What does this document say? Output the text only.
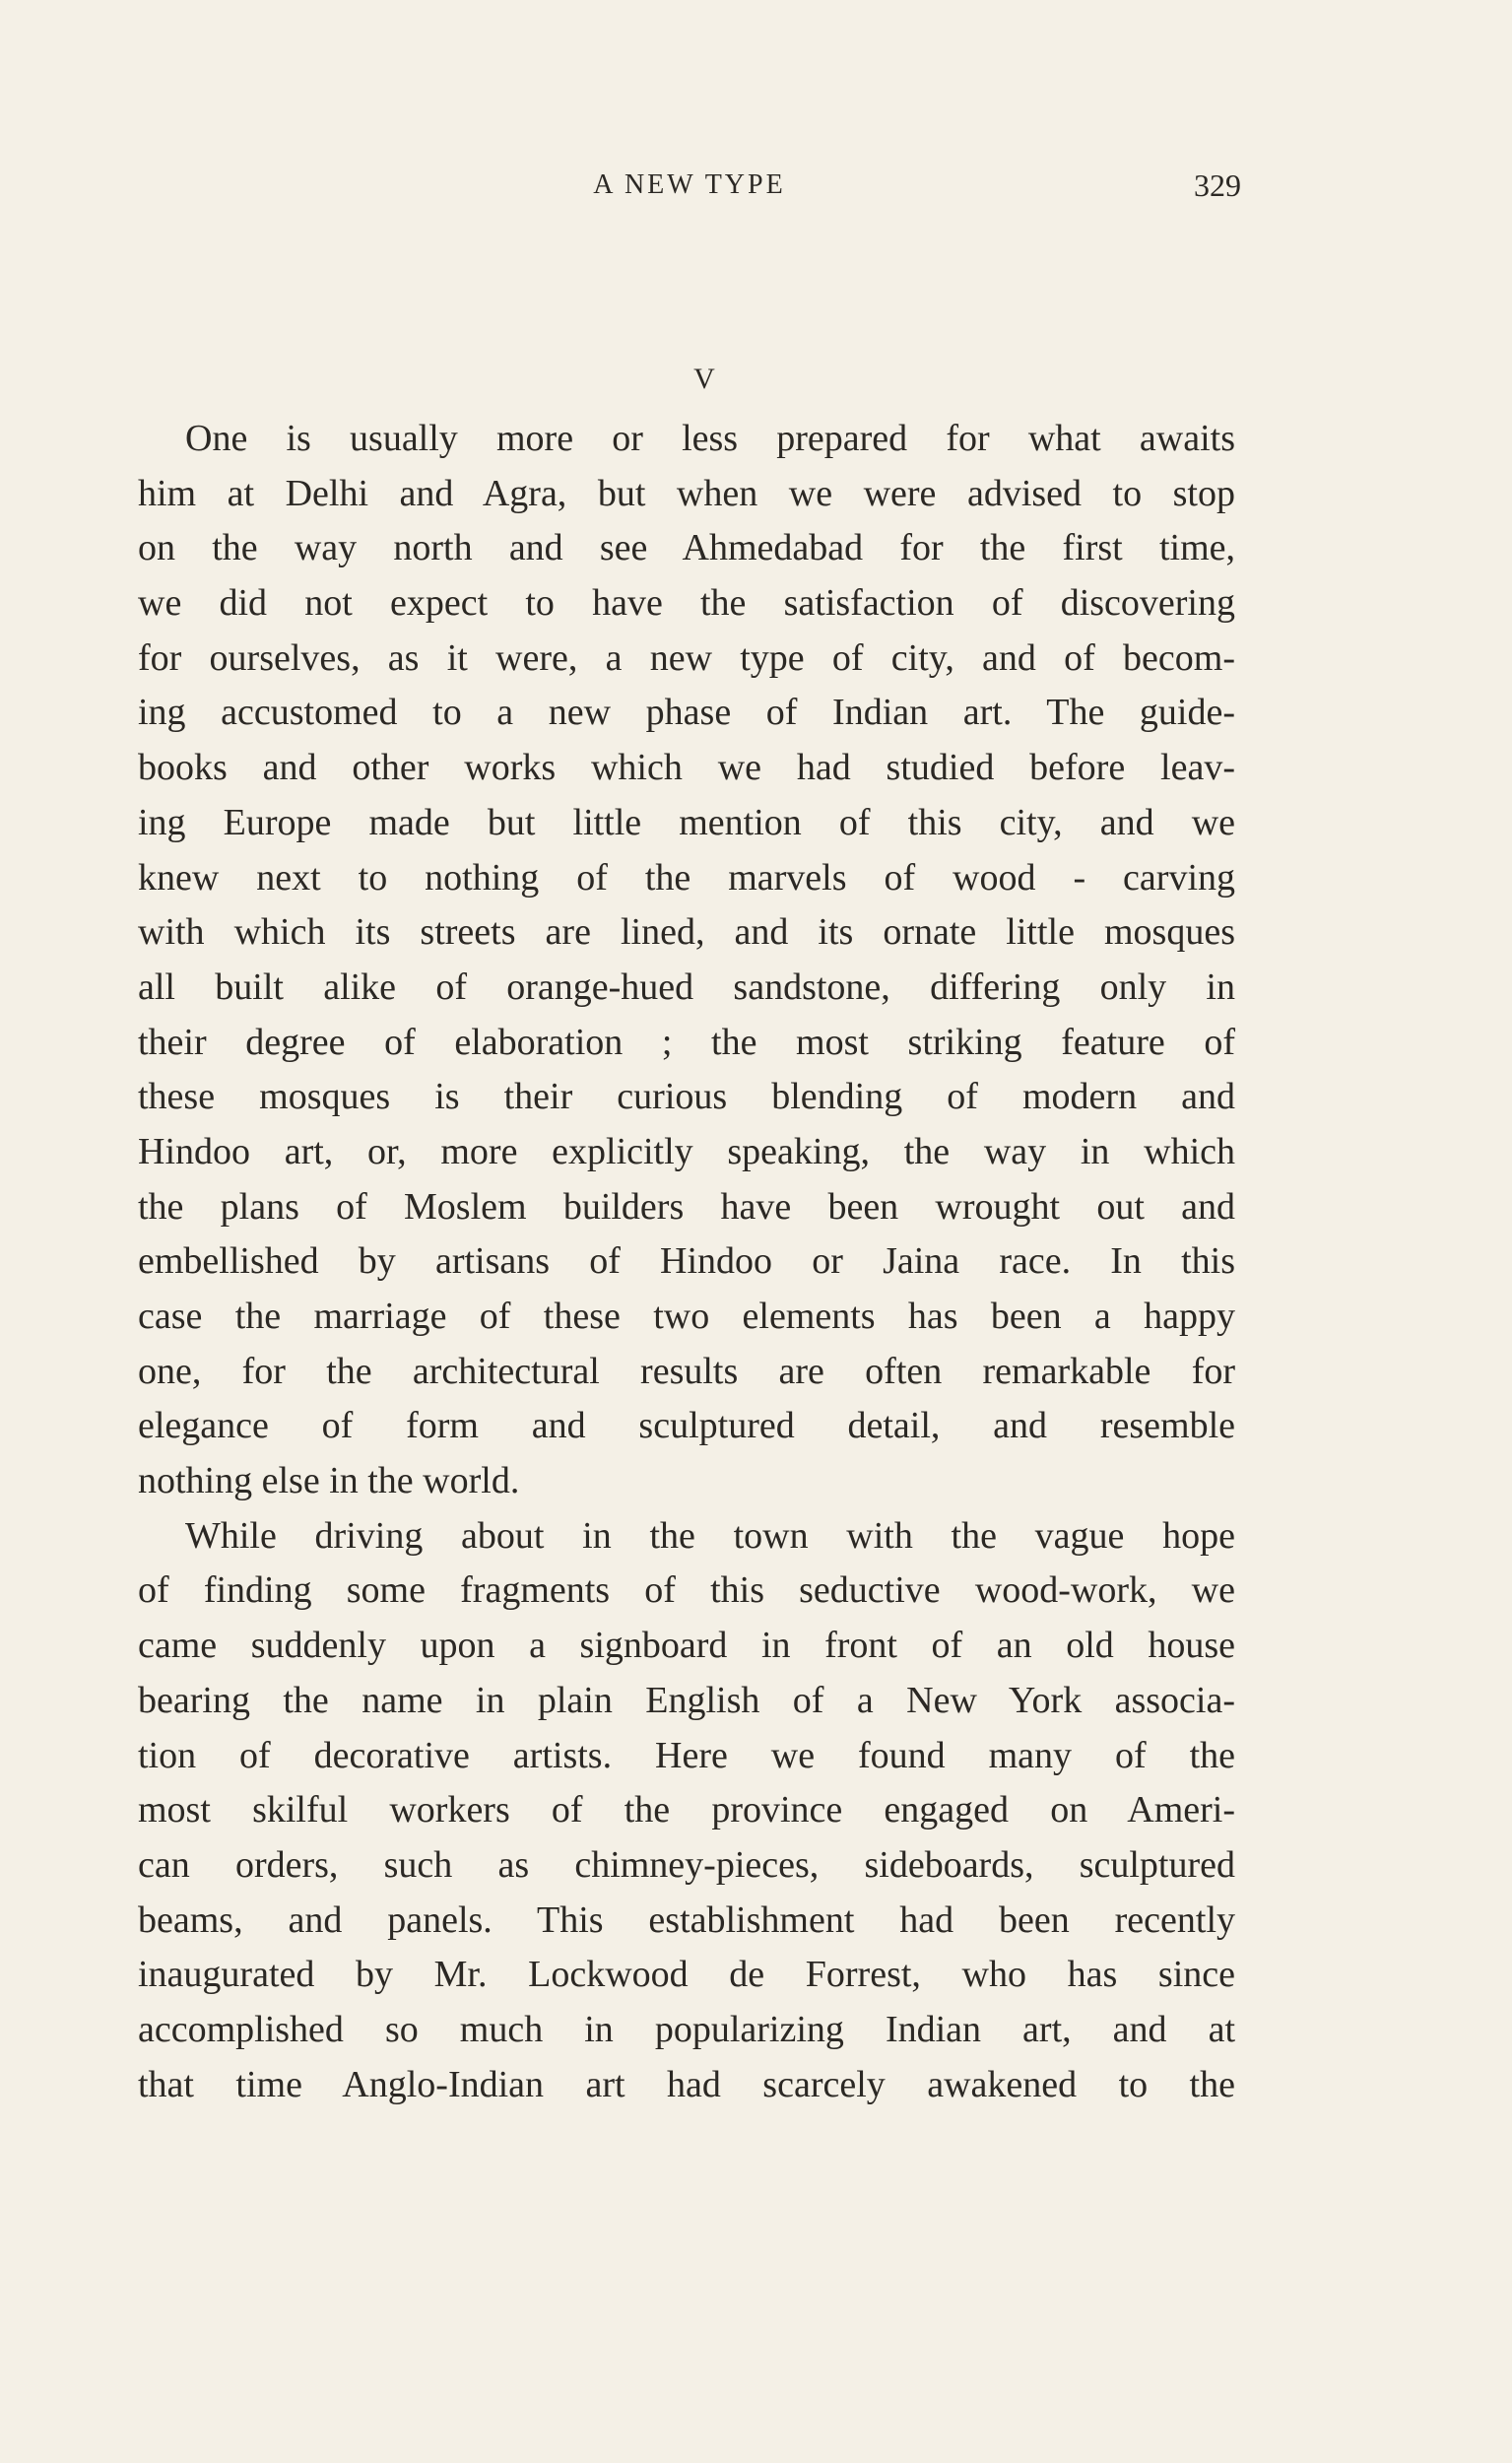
A NEW TYPE	329
V
One is usually more or less prepared for what awaits
him at Delhi and Agra, but when we were advised to stop
on the way north and see Ahmedabad for the first time,
we did not expect to have the satisfaction of discovering
for ourselves, as it were, a new type of city, and of becom-
ing accustomed to a new phase of Indian art. The guide-
books and other works which we had studied before leav-
ing Europe made but little mention of this city, and we
knew next to nothing of the marvels of wood - carving
with which its streets are lined, and its ornate little mosques
all built alike of orange-hued sandstone, differing only in
their degree of elaboration ; the most striking feature of
these mosques is their curious blending of modern and
Hindoo art, or, more explicitly speaking, the way in which
the plans of Moslem builders have been wrought out and
embellished by artisans of Hindoo or Jaina race. In this
case the marriage of these two elements has been a happy
one, for the architectural results are often remarkable for
elegance of form and sculptured detail, and resemble
nothing else in the world.
While driving about in the town with the vague hope
of finding some fragments of this seductive wood-work, we
came suddenly upon a signboard in front of an old house
bearing the name in plain English of a New York associa-
tion of decorative artists. Here we found many of the
most skilful workers of the province engaged on Ameri-
can orders, such as chimney-pieces, sideboards, sculptured
beams, and panels. This establishment had been recently
inaugurated by Mr. Lockwood de Forrest, who has since
accomplished so much in popularizing Indian art, and at
that time Anglo-Indian art had scarcely awakened to the
